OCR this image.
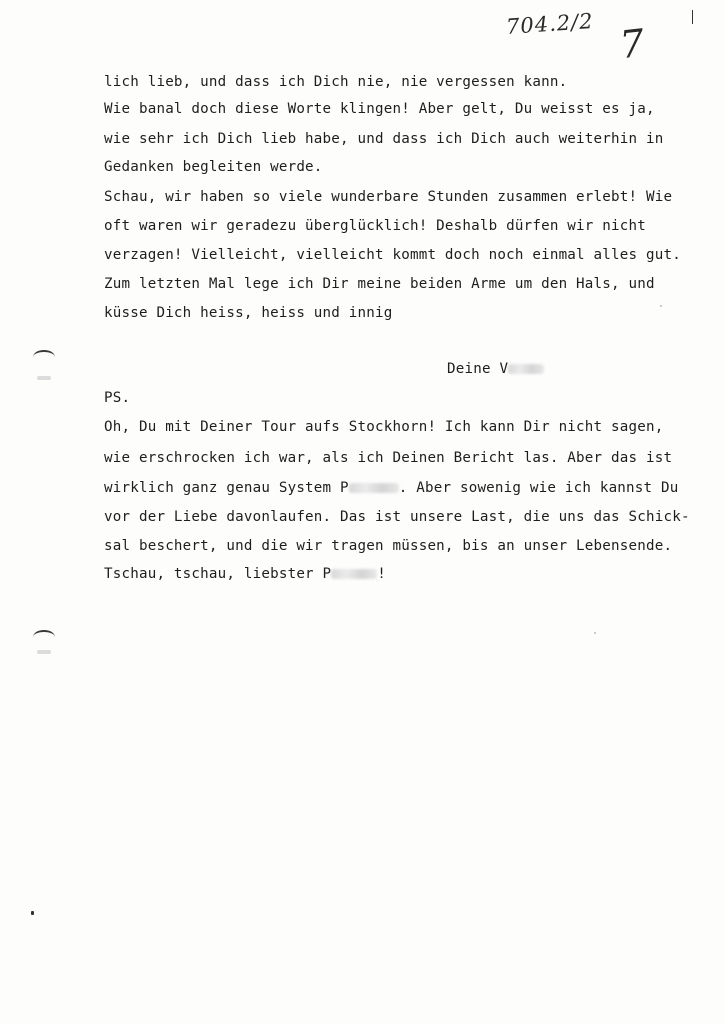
704.2/2 7
lich lieb, und dass ich Dich nie, nie vergessen kann.
Wie banal doch diese Worte klingen! Aber gelt, Du weisst es ja,
wie sehr ich Dich lieb habe, und dass ich Dich auch weiterhin in
Gedanken begleiten werde.
Schau, wir haben so viele wunderbare Stunden zusammen erlebt! Wie
oft waren wir geradezu überglücklich! Deshalb dürfen wir nicht
verzagen! Vielleicht, vielleicht kommt doch noch einmal alles gut.
Zum letzten Mal lege ich Dir meine beiden Arme um den Hals, und
küsse Dich heiss, heiss und innig
Deine V
PS.
Oh, Du mit Deiner Tour aufs Stockhorn! Ich kann Dir nicht sagen,
wie erschrocken ich war, als ich Deinen Bericht las. Aber das ist
wirklich ganz genau System P	. Aber sowenig wie ich kannst Du
vor der Liebe davonlaufen. Das ist unsere Last, die uns das Schick-
sal beschert, und die wir tragen müssen, bis an unser Lebensende.
Tschau, tschau, liebster P	!
